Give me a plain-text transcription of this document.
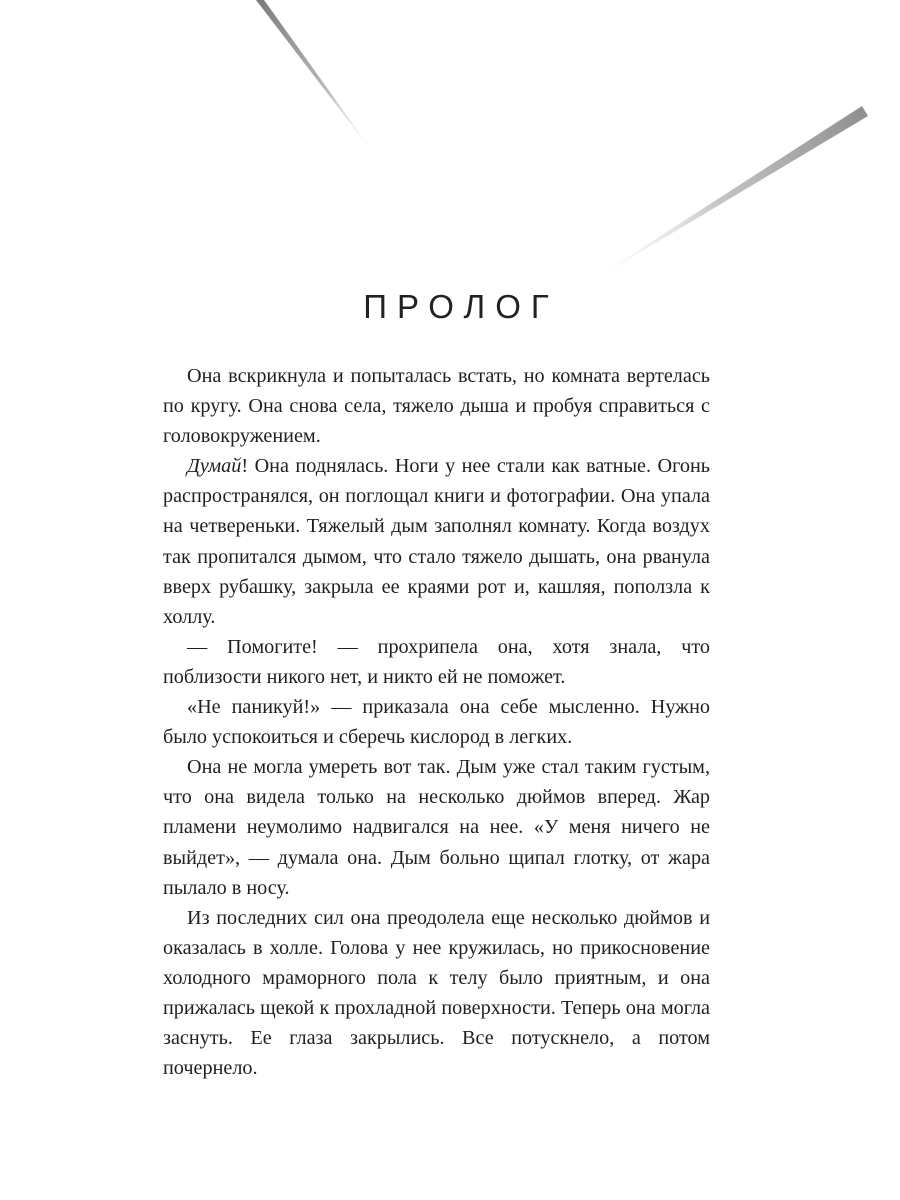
ПРОЛОГ

Она вскрикнула и попыталась встать, но комната вертелась по кругу. Она снова села, тяжело дыша и пробуя справиться с головокружением.

Думай! Она поднялась. Ноги у нее стали как ватные. Огонь распространялся, он поглощал книги и фотографии. Она упала на четвереньки. Тяжелый дым заполнял комнату. Когда воздух так пропитался дымом, что стало тяжело дышать, она рванула вверх рубашку, закрыла ее краями рот и, кашляя, поползла к холлу.

— Помогите! — прохрипела она, хотя знала, что поблизости никого нет, и никто ей не поможет.

«Не паникуй!» — приказала она себе мысленно. Нужно было успокоиться и сберечь кислород в легких.

Она не могла умереть вот так. Дым уже стал таким густым, что она видела только на несколько дюймов вперед. Жар пламени неумолимо надвигался на нее. «У меня ничего не выйдет», — думала она. Дым больно щипал глотку, от жара пылало в носу.

Из последних сил она преодолела еще несколько дюймов и оказалась в холле. Голова у нее кружилась, но прикосновение холодного мраморного пола к телу было приятным, и она прижалась щекой к прохладной поверхности. Теперь она могла заснуть. Ее глаза закрылись. Все потускнело, а потом почернело.
